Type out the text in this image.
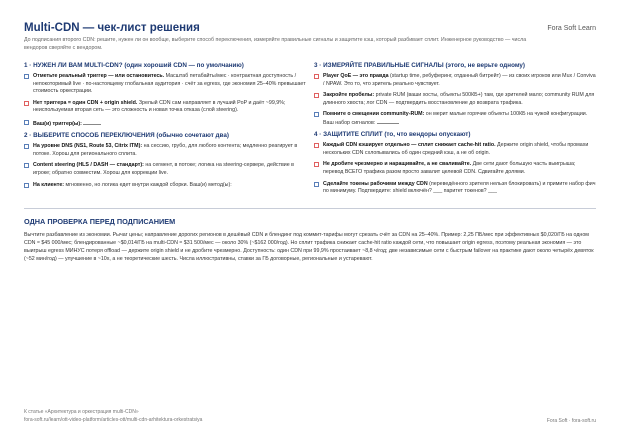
Multi-CDN — чек-лист решения	Fora Soft Learn
До подписания второго CDN: решите, нужен ли он вообще, выберите способ переключения, измеряйте правильные сигналы и защитите кэш, который разбивает сплит. Инженерное руководство — числа вендоров сверяйте с вендором.
1 · НУЖЕН ЛИ ВАМ MULTI-CDN? (один хороший CDN — по умолчанию)
Отметьте реальный триггер — или остановитесь. Масштаб петабайты/мес · контрактная доступность / непокоторимый live · по-настоящему глобальная аудитория · счёт за egress, где экономия 25–40% превышает стоимость оркестрации.
Нет триггера = один CDN + origin shield. Зрелый CDN сам направляет в лучший PoP и даёт ~99,9%; неиспользуемая вторая сеть — это сложность и новая точка отказа (слой steering).
Ваш(и) триггер(ы):
2 · ВЫБЕРИТЕ СПОСОБ ПЕРЕКЛЮЧЕНИЯ (обычно сочетают два)
На уровне DNS (NS1, Route 53, Citrix ITM): на сессию, грубо, для любого контента; медленно реагирует в потоке. Хорош для регионального сплита.
Content steering (HLS / DASH — стандарт): на сегмент, в потоке; логика на steering-сервере, действие в игроке; обратно совместим. Хорош для коррекции live.
На клиенте: мгновенно, но логика едет внутри каждой сборки. Ваш(и) метод(ы):
3 · ИЗМЕРЯЙТЕ ПРАВИЛЬНЫЕ СИГНАЛЫ (этого, не верьте одному)
Player QoE — это правда (startup time, ребуферинг, отданный битрейт) — из своих игроков или Mux / Conviva / NPAW. Это то, что зритель реально чувствует.
Закройте пробелы: private RUM (ваши хосты, объекты 500КБ+) там, где зрителей мало; community RUM для длинного хвоста; лог CDN — подтвердить восстановление до возврата трафика.
Помните о смещении community-RUM: он мерит малые горячие объекты 100КБ на чужой конфигурации. Ваш набор сигналов:
4 · ЗАЩИТИТЕ СПЛИТ (то, что вендоры опускают)
Каждый CDN кэширует отдельно — сплит снижает cache-hit ratio. Держите origin shield, чтобы промахи нескольких CDN схлопывались об один средний кэш, а не об origin.
Не дробите чрезмерно и наращивайте, а не сваливайте. Две сети дают большую часть выигрыша; перевод ВСЕГО трафика разом просто завалит целевой CDN. Сдвигайте долями.
Сделайте токены рабочими между CDN (переведённого зрителя нельзя блокировать) и примите набор фич по минимуму. Подтвердите: shield включён? ___ паритет токенов? ___
ОДНА ПРОВЕРКА ПЕРЕД ПОДПИСАНИЕМ
Вычтите разбавление из экономии. Рычаг цены; направление дорогих регионов в дешёвый CDN и блендинг под коммит-тарифы могут срезать счёт за CDN на 25–40%. Пример: 2,25 ПБ/мес при эффективных $0,020/ГБ на одном CDN ≈ $45 000/мес; блендированные ~$0,014/ГБ на multi-CDN ≈ $31 500/мес — около 30% (~$162 000/год). Но сплит трафика снижает cache-hit ratio каждой сети, что повышает origin egress, поэтому реальная экономия — это выигрыш egress МИНУС потеря offload — держите origin shield и не дробите чрезмерно. Доступность: один CDN при 99,9% простаивает ~8,8 ч/год; две независимые сети с быстрым failover на практике дают около четырёх девяток (~52 мин/год) — улучшение в ~10x, а не теоретические шесть. Числа иллюстративны, ставки за ГБ договорные, региональные и устаревают.
К статье «Архитектура и оркестрация multi-CDN»
fora-soft.ru/learn/ott-video-platform/articles-ott/multi-cdn-arhitektura-orkestratsiya	Fora Soft · fora-soft.ru
